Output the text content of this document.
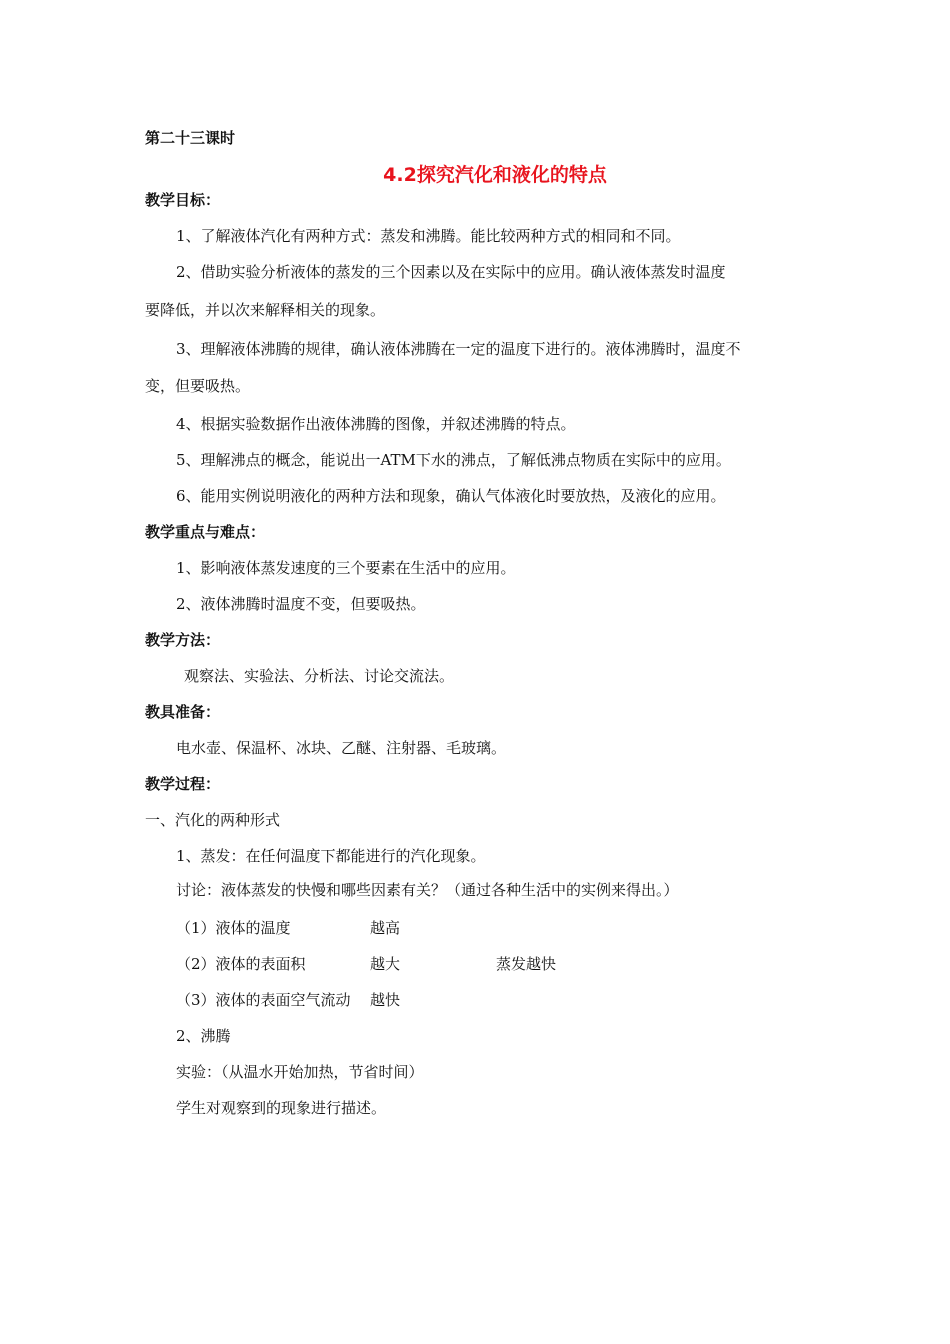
第二十三课时
4.2探究汽化和液化的特点
教学目标：
1、了解液体汽化有两种方式：蒸发和沸腾。能比较两种方式的相同和不同。
2、借助实验分析液体的蒸发的三个因素以及在实际中的应用。确认液体蒸发时温度
要降低，并以次来解释相关的现象。
3、理解液体沸腾的规律，确认液体沸腾在一定的温度下进行的。液体沸腾时，温度不
变，但要吸热。
4、根据实验数据作出液体沸腾的图像，并叙述沸腾的特点。
5、理解沸点的概念，能说出一ATM下水的沸点，了解低沸点物质在实际中的应用。
6、能用实例说明液化的两种方法和现象，确认气体液化时要放热，及液化的应用。
教学重点与难点：
1、影响液体蒸发速度的三个要素在生活中的应用。
2、液体沸腾时温度不变，但要吸热。
教学方法：
观察法、实验法、分析法、讨论交流法。
教具准备：
电水壶、保温杯、冰块、乙醚、注射器、毛玻璃。
教学过程：
一、汽化的两种形式
1、蒸发：在任何温度下都能进行的汽化现象。
讨论：液体蒸发的快慢和哪些因素有关？（通过各种生活中的实例来得出。）
（1）液体的温度	越高
（2）液体的表面积	越大	蒸发越快
（3）液体的表面空气流动 越快
2、沸腾
实验：（从温水开始加热，节省时间）
学生对观察到的现象进行描述。
